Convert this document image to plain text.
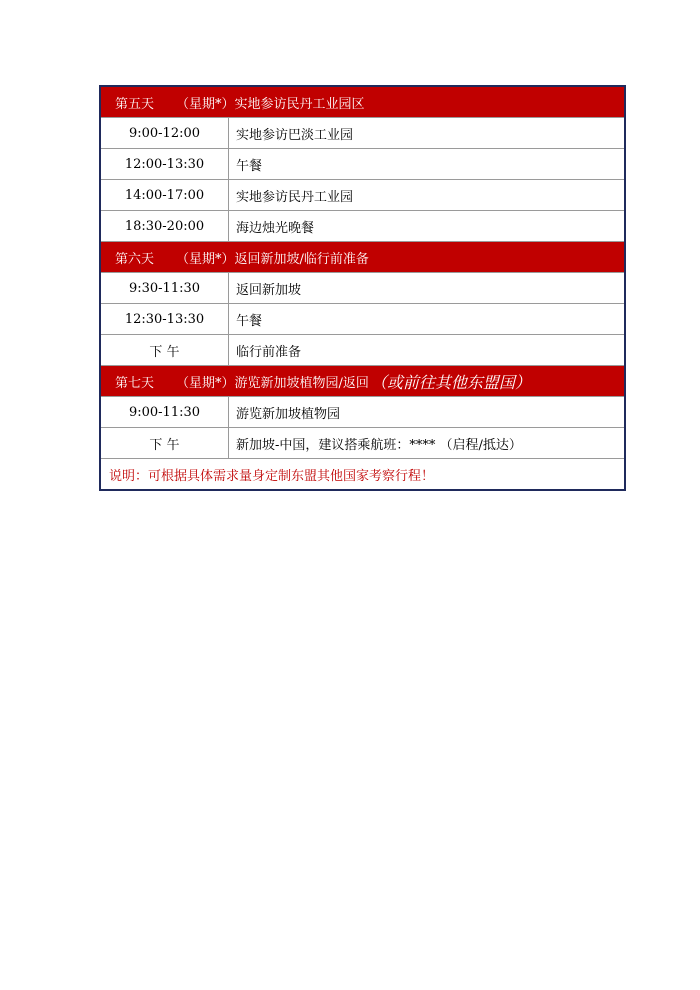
第五天 （星期*） 实地参访民丹工业园区
9:00-12:00	实地参访巴淡工业园
12:00-13:30	午餐
14:00-17:00	实地参访民丹工业园
18:30-20:00	海边烛光晚餐
第六天 （星期*） 返回新加坡/临行前准备
9:30-11:30	返回新加坡
12:30-13:30	午餐
下 午	临行前准备
第七天 （星期*） 游览新加坡植物园/返回 （或前往其他东盟国）
9:00-11:30	游览新加坡植物园
下 午	新加坡-中国，建议搭乘航班：**** （启程/抵达）
说明：可根据具体需求量身定制东盟其他国家考察行程！
